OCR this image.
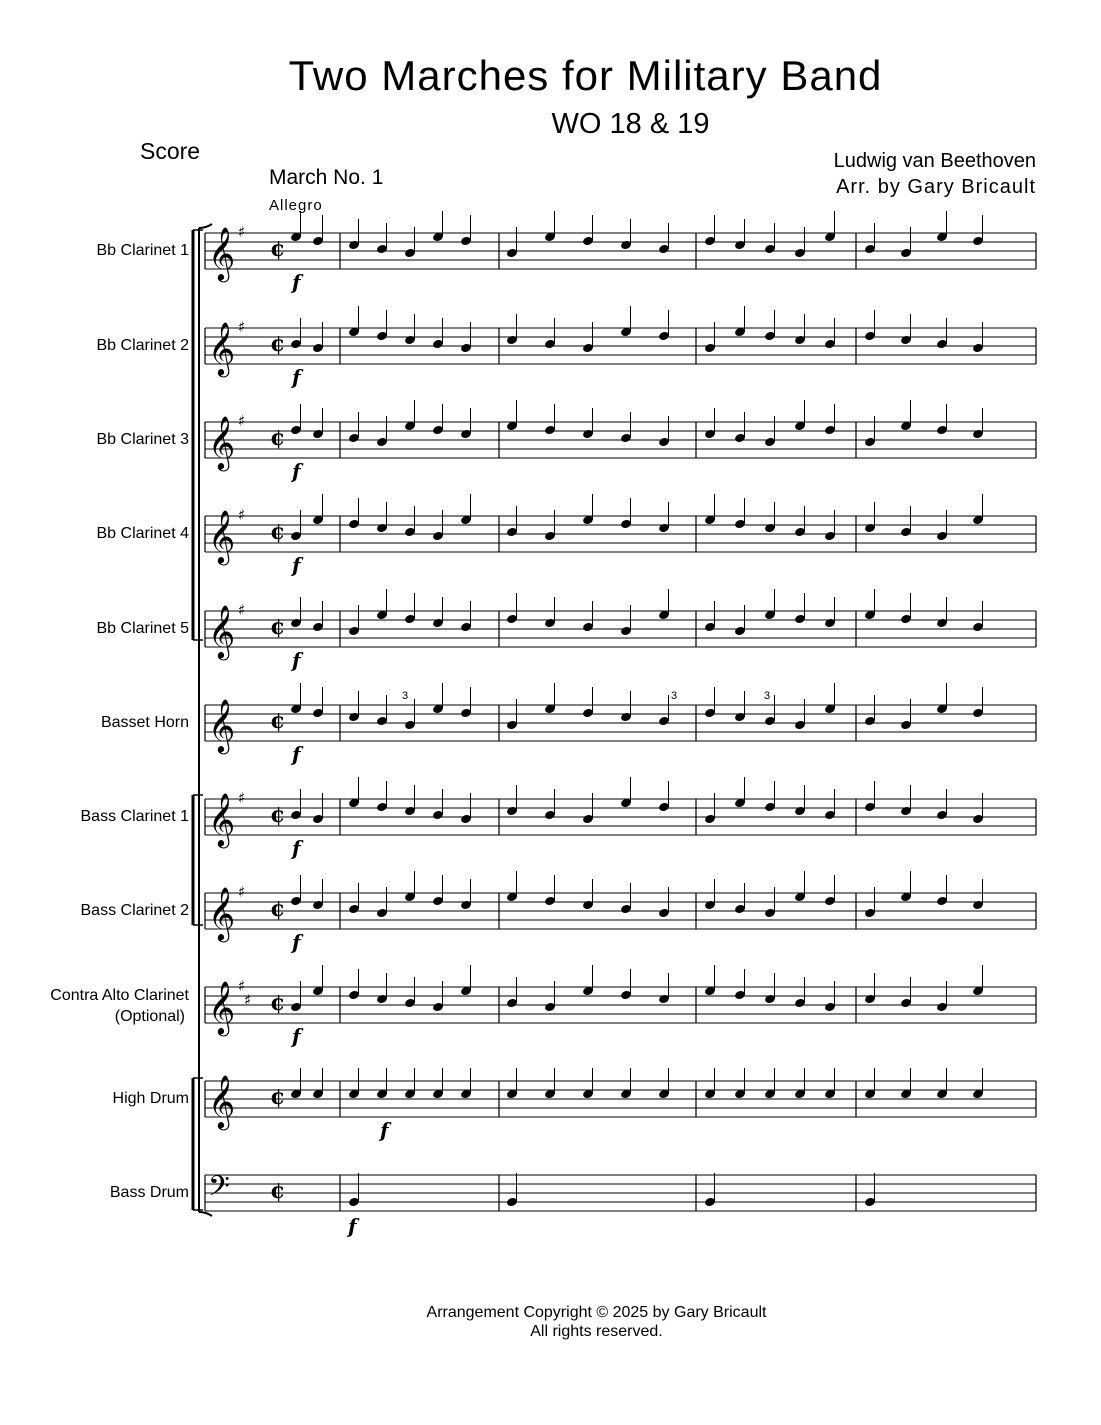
Two Marches for Military Band
WO 18 & 19
Score	Ludwig van Beethoven
Arr. by Gary Bricault
March No. 1
Allegro
Bb Clarinet 1
Bb Clarinet 2
Bb Clarinet 3
Bb Clarinet 4
Bb Clarinet 5
Basset Horn
Bass Clarinet 1
Bass Clarinet 2
Contra Alto Clarinet
(Optional)
High Drum
Bass Drum
𝄞 ♯
¢
f
𝄞 ♯
¢
f
𝄞 ♯
¢
f
𝄞 ♯
¢
f
𝄞 ♯
¢
f
𝄞 ¢
f
𝄞 ♯
¢
f
𝄞 ♯
¢
f
𝄞 ♯
♯ ¢
f
𝄞 ¢
f
𝄢 ¢
f
3	3	3
Arrangement Copyright © 2025 by Gary Bricault
All rights reserved.
